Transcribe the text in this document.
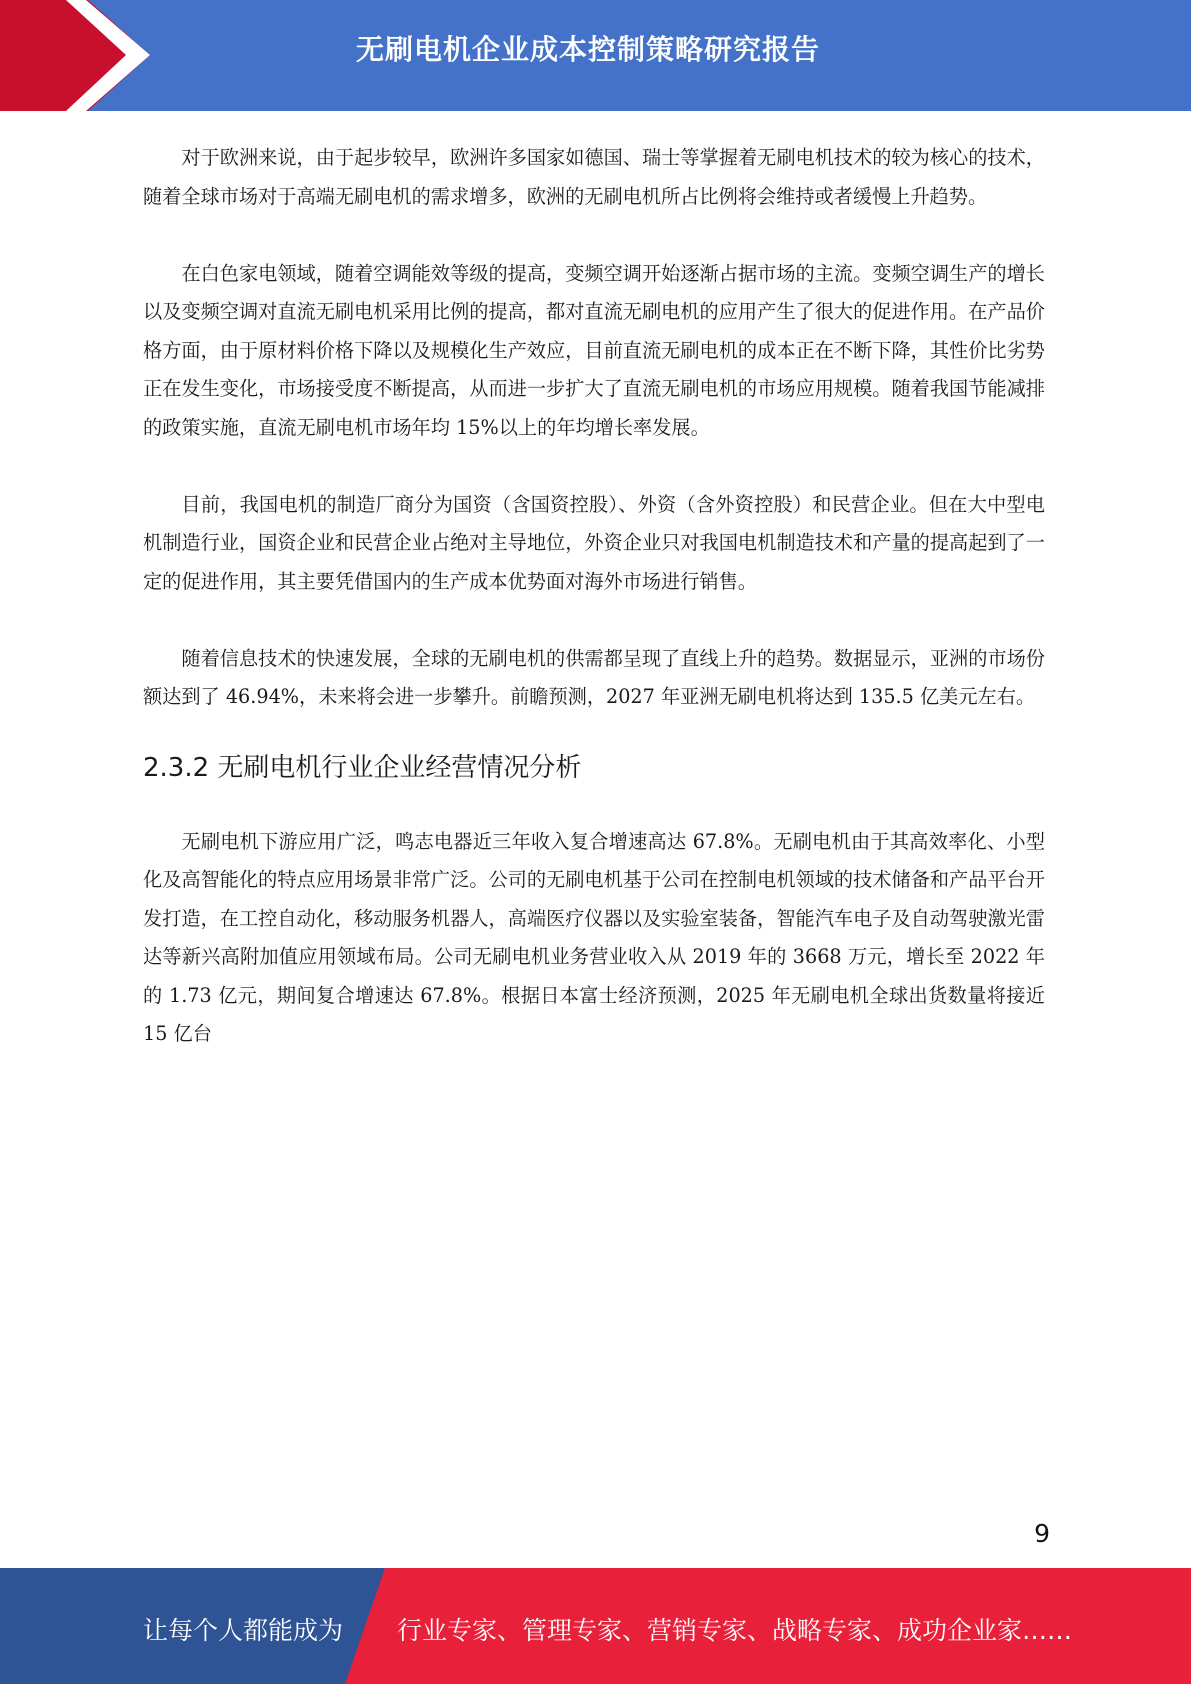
无刷电机企业成本控制策略研究报告

对于欧洲来说，由于起步较早，欧洲许多国家如德国、瑞士等掌握着无刷电机技术的较为核心的技术，随着全球市场对于高端无刷电机的需求增多，欧洲的无刷电机所占比例将会维持或者缓慢上升趋势。

在白色家电领域，随着空调能效等级的提高，变频空调开始逐渐占据市场的主流。变频空调生产的增长以及变频空调对直流无刷电机采用比例的提高，都对直流无刷电机的应用产生了很大的促进作用。在产品价格方面，由于原材料价格下降以及规模化生产效应，目前直流无刷电机的成本正在不断下降，其性价比劣势正在发生变化，市场接受度不断提高，从而进一步扩大了直流无刷电机的市场应用规模。随着我国节能减排的政策实施，直流无刷电机市场年均 15%以上的年均增长率发展。

目前，我国电机的制造厂商分为国资（含国资控股）、外资（含外资控股）和民营企业。但在大中型电机制造行业，国资企业和民营企业占绝对主导地位，外资企业只对我国电机制造技术和产量的提高起到了一定的促进作用，其主要凭借国内的生产成本优势面对海外市场进行销售。

随着信息技术的快速发展，全球的无刷电机的供需都呈现了直线上升的趋势。数据显示，亚洲的市场份额达到了 46.94%，未来将会进一步攀升。前瞻预测，2027 年亚洲无刷电机将达到 135.5 亿美元左右。

2.3.2 无刷电机行业企业经营情况分析

无刷电机下游应用广泛，鸣志电器近三年收入复合增速高达 67.8%。无刷电机由于其高效率化、小型化及高智能化的特点应用场景非常广泛。公司的无刷电机基于公司在控制电机领域的技术储备和产品平台开发打造，在工控自动化，移动服务机器人，高端医疗仪器以及实验室装备，智能汽车电子及自动驾驶激光雷达等新兴高附加值应用领域布局。公司无刷电机业务营业收入从 2019 年的 3668 万元，增长至 2022 年的 1.73 亿元，期间复合增速达 67.8%。根据日本富士经济预测，2025 年无刷电机全球出货数量将接近 15 亿台

9
让每个人都能成为 行业专家、管理专家、营销专家、战略专家、成功企业家……
